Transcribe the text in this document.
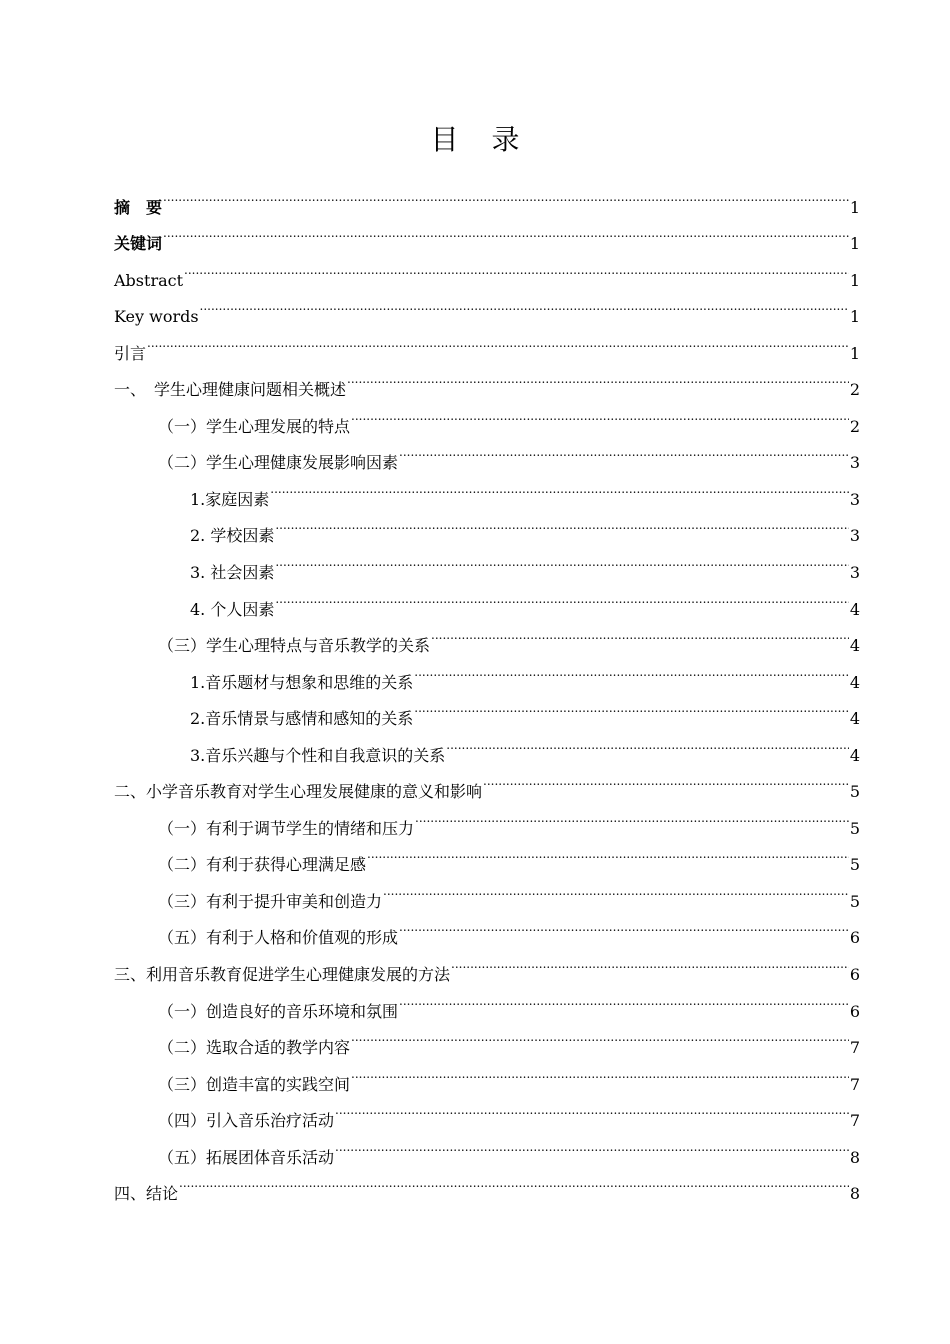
目 录
摘　要 .....	1
关键词 .....	1
Abstract .....	1
Key words .....	1
引言 .....	1
一、　学生心理健康问题相关概述 .....	2
（一）学生心理发展的特点 .....	2
（二）学生心理健康发展影响因素 .....	3
1.家庭因素 .....	3
2. 学校因素 .....	3
3. 社会因素 .....	3
4. 个人因素 .....	4
（三）学生心理特点与音乐教学的关系 .....	4
1.音乐题材与想象和思维的关系 .....	4
2.音乐情景与感情和感知的关系 .....	4
3.音乐兴趣与个性和自我意识的关系 .....	4
二、小学音乐教育对学生心理发展健康的意义和影响 .....	5
（一）有利于调节学生的情绪和压力 .....	5
（二）有利于获得心理满足感 .....	5
（三）有利于提升审美和创造力 .....	5
（五）有利于人格和价值观的形成 .....	6
三、利用音乐教育促进学生心理健康发展的方法 .....	6
（一）创造良好的音乐环境和氛围 .....	6
（二）选取合适的教学内容 .....	7
（三）创造丰富的实践空间 .....	7
（四）引入音乐治疗活动 .....	7
（五）拓展团体音乐活动 .....	8
四、结论 .....	8
